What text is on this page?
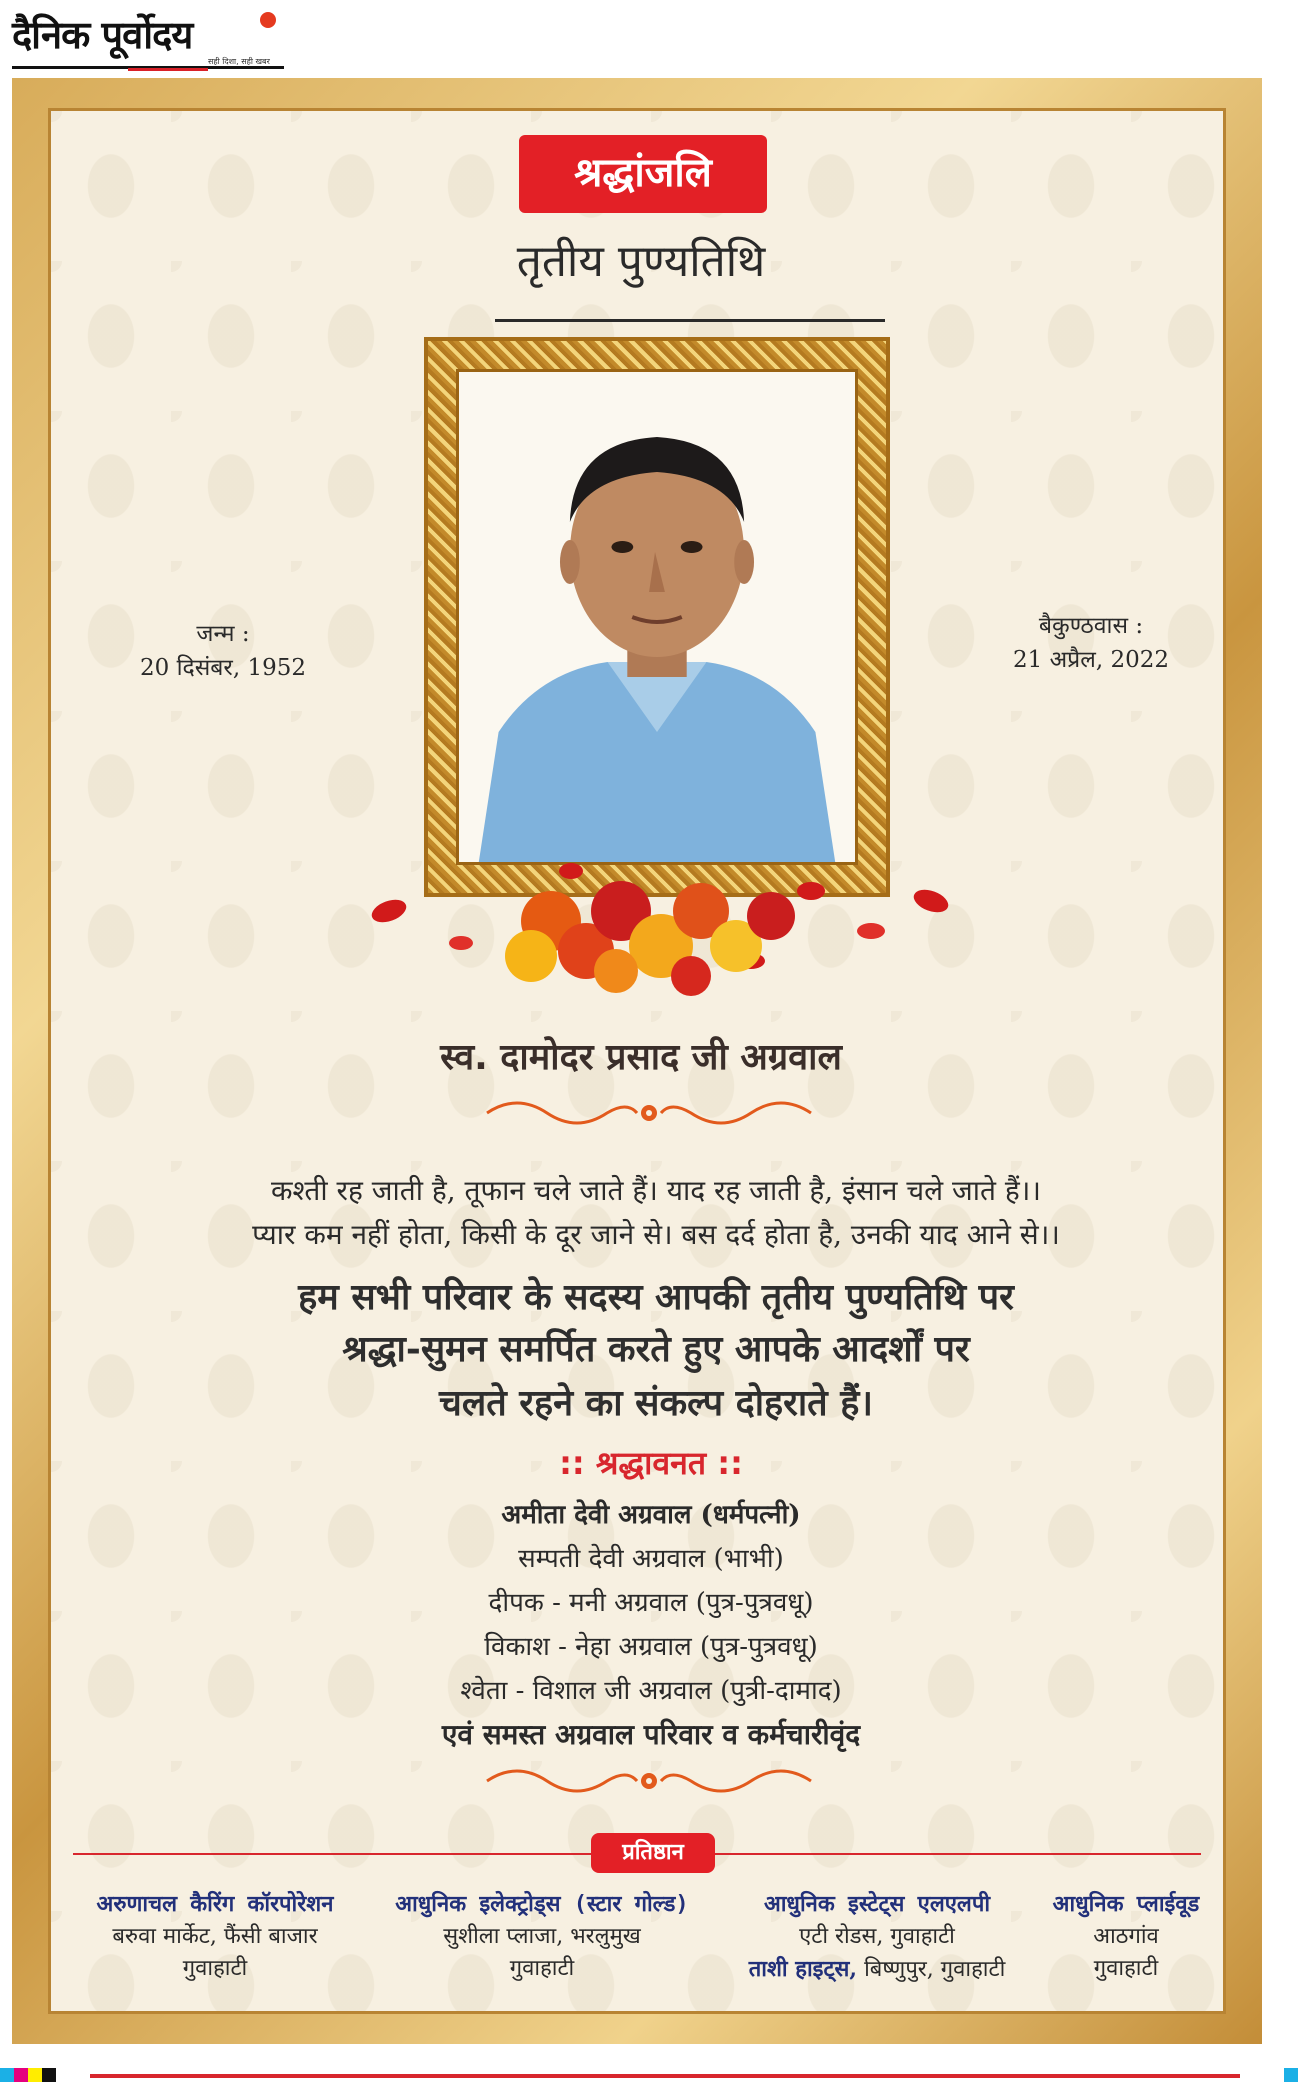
दैनिक पूर्वोदय
सही दिशा, सही खबर
श्रद्धांजलि
तृतीय पुण्यतिथि
जन्म :
20 दिसंबर, 1952
बैकुण्ठवास :
21 अप्रैल, 2022
स्व. दामोदर प्रसाद जी अग्रवाल
कश्ती रह जाती है, तूफान चले जाते हैं। याद रह जाती है, इंसान चले जाते हैं।।
प्यार कम नहीं होता, किसी के दूर जाने से। बस दर्द होता है, उनकी याद आने से।।
हम सभी परिवार के सदस्य आपकी तृतीय पुण्यतिथि पर
श्रद्धा-सुमन समर्पित करते हुए आपके आदर्शों पर
चलते रहने का संकल्प दोहराते हैं।
:: श्रद्धावनत ::
अमीता देवी अग्रवाल (धर्मपत्नी)
सम्पती देवी अग्रवाल (भाभी)
दीपक - मनी अग्रवाल (पुत्र-पुत्रवधू)
विकाश - नेहा अग्रवाल (पुत्र-पुत्रवधू)
श्वेता - विशाल जी अग्रवाल (पुत्री-दामाद)
एवं समस्त अग्रवाल परिवार व कर्मचारीवृंद
प्रतिष्ठान
अरुणाचल कैरिंग कॉरपोरेशन
बरुवा मार्केट, फैंसी बाजार
गुवाहाटी
आधुनिक इलेक्ट्रोड्स (स्टार गोल्ड)
सुशीला प्लाजा, भरलुमुख
गुवाहाटी
आधुनिक इस्टेट्स एलएलपी
एटी रोडस, गुवाहाटी
ताशी हाइट्स, बिष्णुपुर, गुवाहाटी
आधुनिक प्लाईवूड
आठगांव
गुवाहाटी
